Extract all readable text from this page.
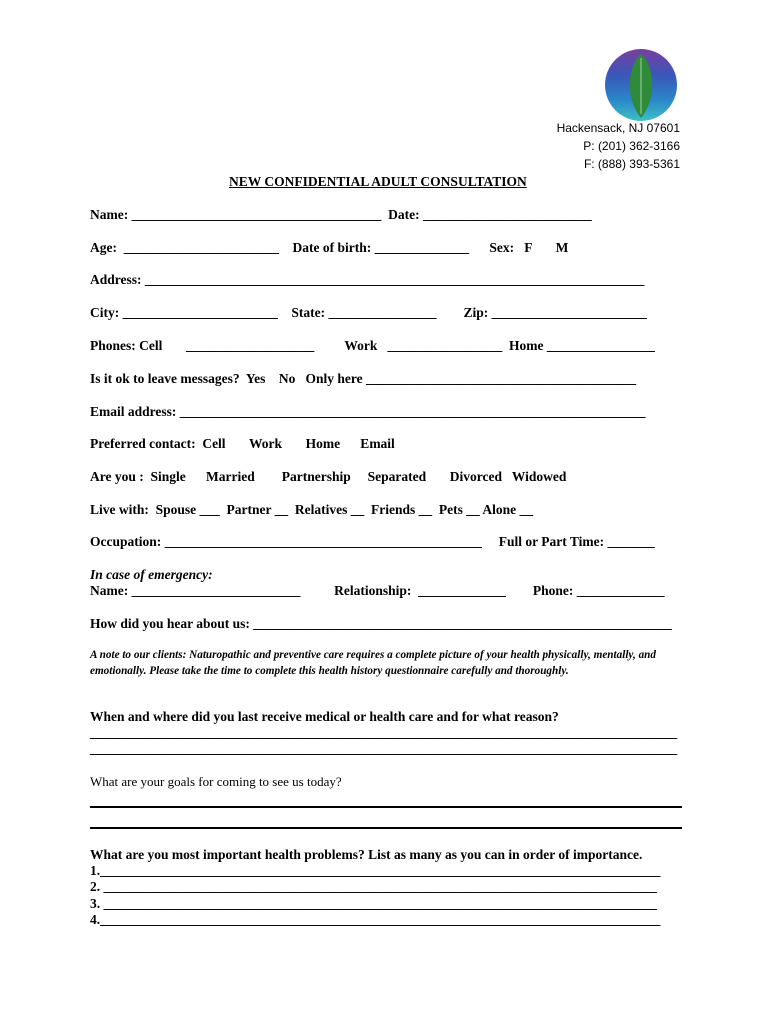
Hackensack, NJ 07601
P: (201) 362-3166
F: (888) 393-5361
NEW CONFIDENTIAL ADULT CONSULTATION
Name: _____________________________________  Date: _________________________
Age:  _______________________    Date of birth: ______________      Sex:   F       M
Address: __________________________________________________________________________
City: _______________________    State: ________________        Zip: _______________________
Phones: Cell       ___________________         Work   _________________  Home ________________
Is it ok to leave messages?  Yes    No   Only here ________________________________________
Email address: _____________________________________________________________________
Preferred contact:  Cell       Work       Home      Email
Are you :  Single      Married        Partnership     Separated       Divorced   Widowed
Live with:  Spouse ___  Partner __  Relatives __  Friends __  Pets __ Alone __
Occupation: _______________________________________________     Full or Part Time: _______
In case of emergency:
Name: _________________________          Relationship:  _____________        Phone: _____________
How did you hear about us: ______________________________________________________________
A note to our clients: Naturopathic and preventive care requires a complete picture of your health physically, mentally, and emotionally. Please take the time to complete this health history questionnaire carefully and thoroughly.
When and where did you last receive medical or health care and for what reason?
_______________________________________________________________________________________
_______________________________________________________________________________________
What are your goals for coming to see us today?
What are you most important health problems? List as many as you can in order of importance.
1.___________________________________________________________________________________
2. __________________________________________________________________________________
3. __________________________________________________________________________________
4.___________________________________________________________________________________
